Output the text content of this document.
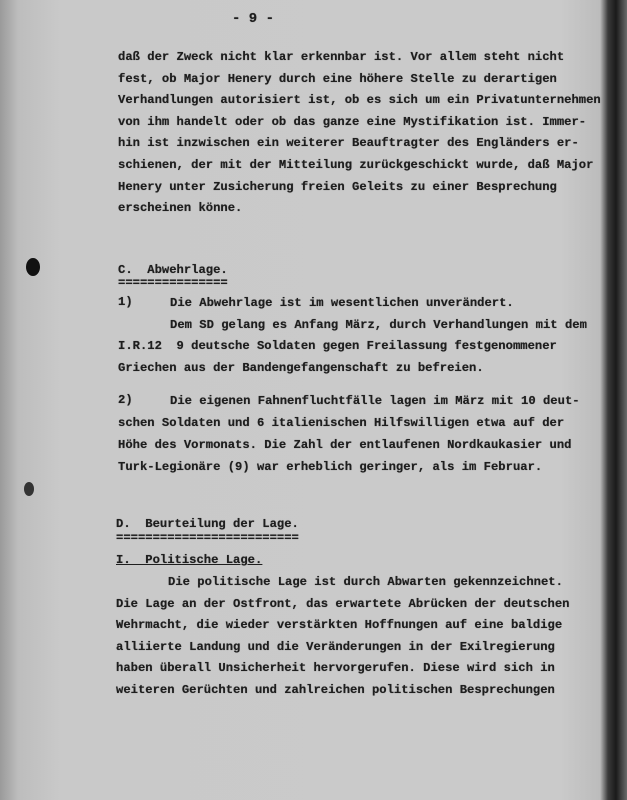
- 9 -
daß der Zweck nicht klar erkennbar ist. Vor allem steht nicht
fest, ob Major Henery durch eine höhere Stelle zu derartigen
Verhandlungen autorisiert ist, ob es sich um ein Privatunternehmen
von ihm handelt oder ob das ganze eine Mystifikation ist. Immer-
hin ist inzwischen ein weiterer Beauftragter des Engländers er-
schienen, der mit der Mitteilung zurückgeschickt wurde, daß Major
Henery unter Zusicherung freien Geleits zu einer Besprechung
erscheinen könne.
C.  Abwehrlage.
===============
1)	Die Abwehrlage ist im wesentlichen unverändert.
Dem SD gelang es Anfang März, durch Verhandlungen mit dem
I.R.12  9 deutsche Soldaten gegen Freilassung festgenommener
Griechen aus der Bandengefangenschaft zu befreien.
2)	Die eigenen Fahnenfluchtfälle lagen im März mit 10 deut-
schen Soldaten und 6 italienischen Hilfswilligen etwa auf der
Höhe des Vormonats. Die Zahl der entlaufenen Nordkaukasier und
Turk-Legionäre (9) war erheblich geringer, als im Februar.
D.  Beurteilung der Lage.
=========================
I.  Politische Lage.
Die politische Lage ist durch Abwarten gekennzeichnet.
Die Lage an der Ostfront, das erwartete Abrücken der deutschen
Wehrmacht, die wieder verstärkten Hoffnungen auf eine baldige
alliierte Landung und die Veränderungen in der Exilregierung
haben überall Unsicherheit hervorgerufen. Diese wird sich in
weiteren Gerüchten und zahlreichen politischen Besprechungen
